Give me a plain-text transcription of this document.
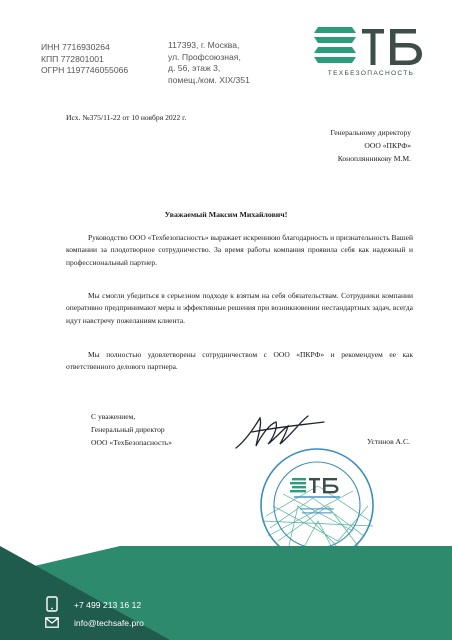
ИНН 7716930264
КПП 772801001
ОГРН 1197746055066
117393, г. Москва,
ул. Профсоюзная,
д. 56, этаж 3,
помещ./ком. XIX/351
ТЕХБЕЗОПАСНОСТЬ
Исх. №375/11-22 от 10 ноября 2022 г.
Генеральному директору
ООО «ПКРФ»
Коноплянникову М.М.
Уважаемый Максим Михайлович!
Руководство ООО «Техбезопасность» выражает искреннюю благодарность и признательность Вашей компании за плодотворное сотрудничество. За время работы компания проявила себя как надежный и профессиональный партнер.
Мы смогли убедиться в серьезном подходе к взятым на себя обязательствам. Сотрудники компании оперативно предпринимают меры и эффективные решения при возникновении нестандартных задач, всегда идут навстречу пожеланиям клиента.
Мы полностью удовлетворены сотрудничеством с ООО «ПКРФ» и рекомендуем ее как ответственного делового партнера.
С уважением,
Генеральный директор
ООО «ТехБезопасность»	Устинов А.С.
+7 499 213 16 12
info@techsafe.pro
